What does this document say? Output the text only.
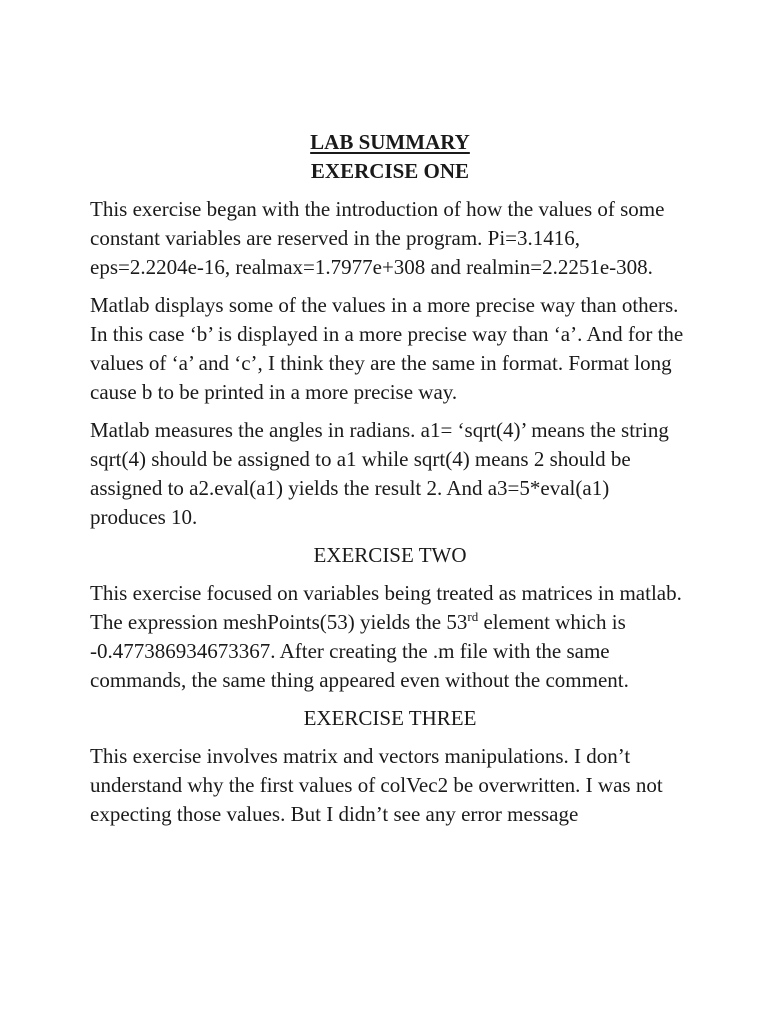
LAB SUMMARY

EXERCISE ONE

This exercise began with the introduction of how the values of some constant variables are reserved in the program. Pi=3.1416, eps=2.2204e-16, realmax=1.7977e+308 and realmin=2.2251e-308.

Matlab displays some of the values in a more precise way than others. In this case ‘b’ is displayed in a more precise way than ‘a’. And for the values of ‘a’ and ‘c’, I think they are the same in format. Format long cause b to be printed in a more precise way.

Matlab measures the angles in radians. a1= ‘sqrt(4)’ means the string sqrt(4) should be assigned to a1 while sqrt(4) means 2 should be assigned to a2.eval(a1) yields the result 2. And a3=5*eval(a1) produces 10.

EXERCISE TWO

This exercise focused on variables being treated as matrices in matlab. The expression meshPoints(53) yields the 53rd element which is -0.477386934673367. After creating the .m file with the same commands, the same thing appeared even without the comment.

EXERCISE THREE

This exercise involves matrix and vectors manipulations. I don’t understand why the first values of colVec2 be overwritten. I was not expecting those values. But I didn’t see any error message
